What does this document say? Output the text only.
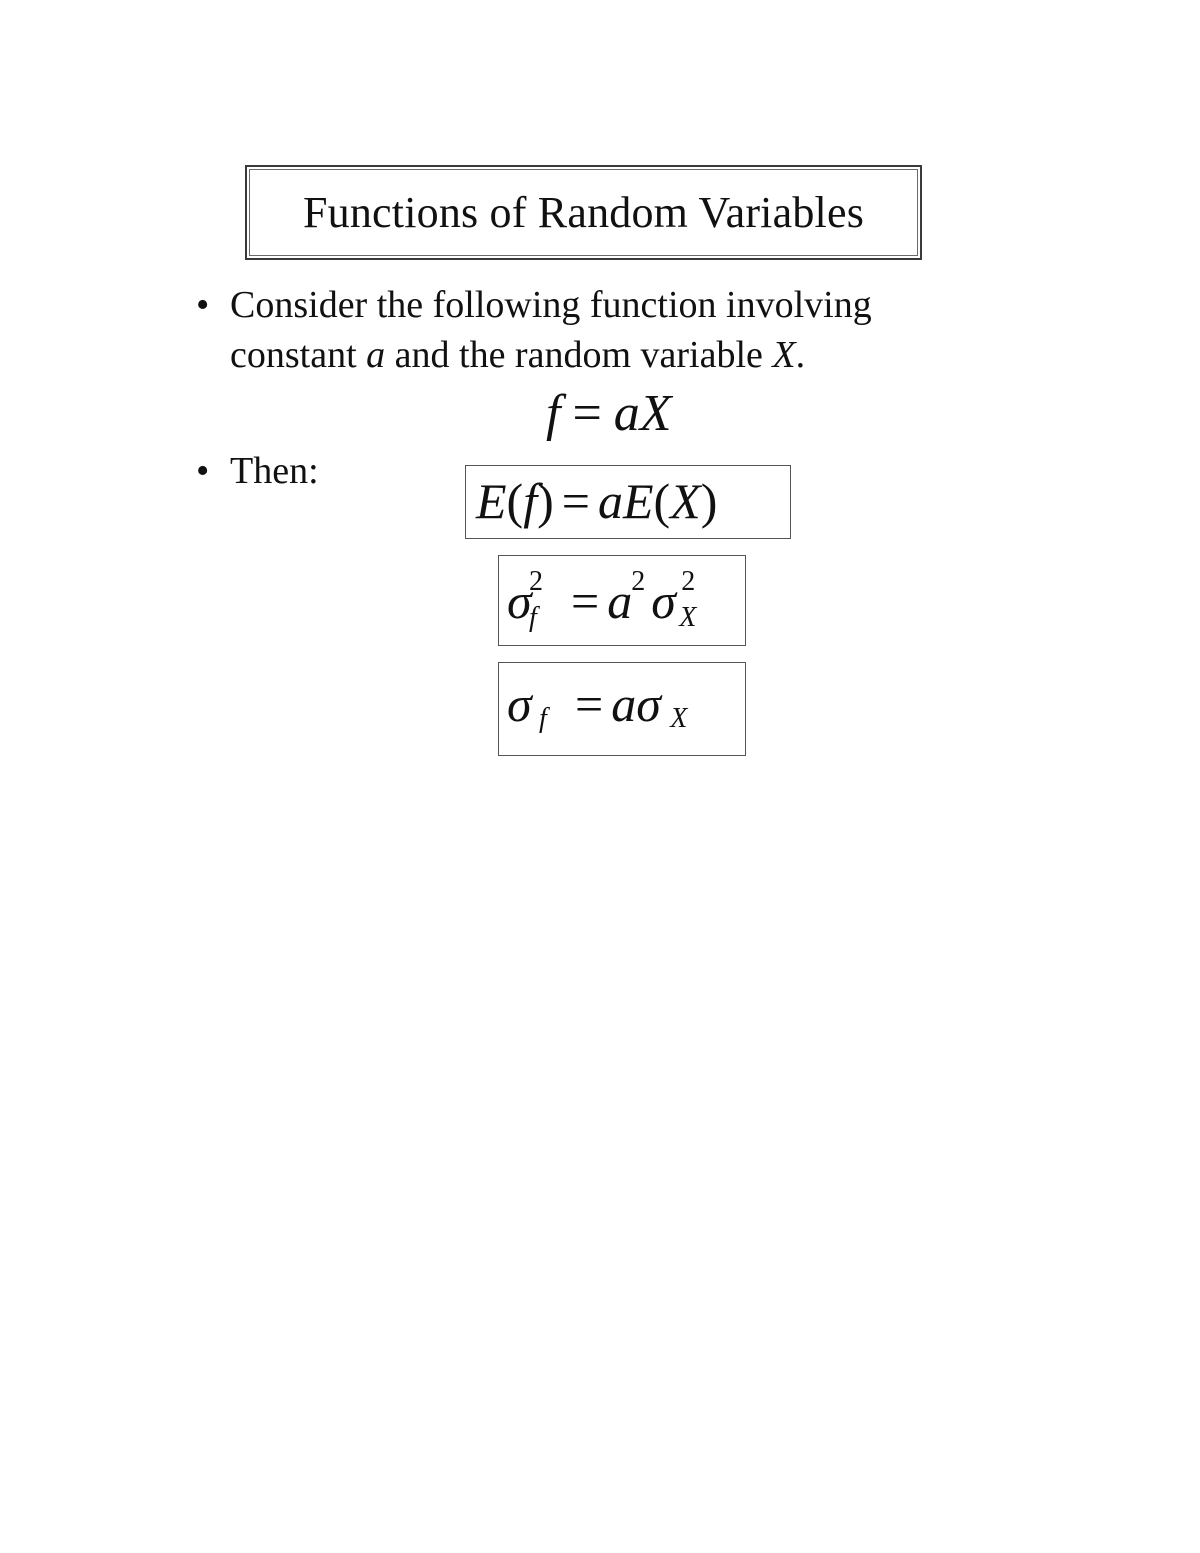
Functions of Random Variables
• Consider the following function involving
constant a and the random variable X.
f = aX
• Then:
E(f) = aE(X)
σ
2
f = a 2 σ 2
X
σ f = aσ X
